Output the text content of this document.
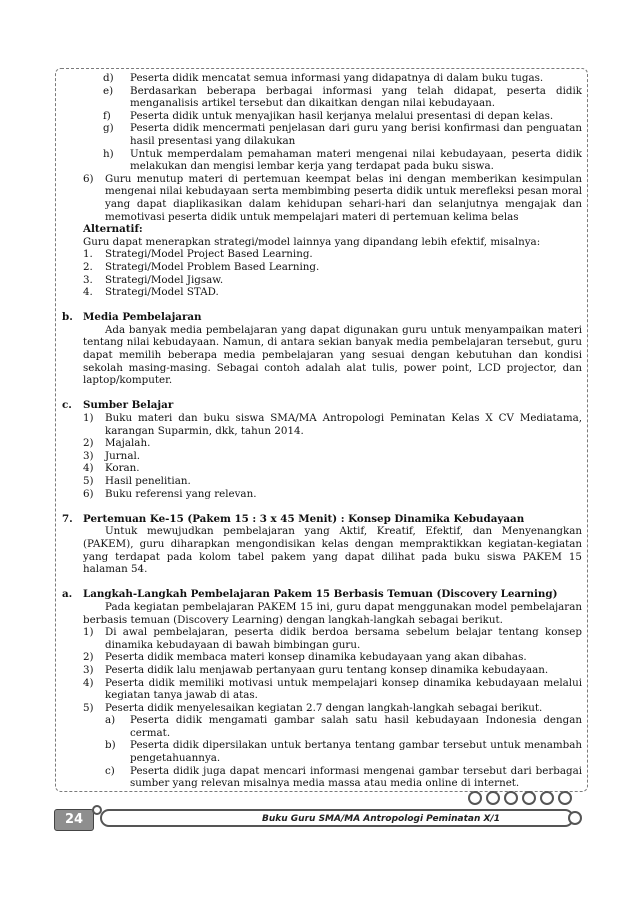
d) Peserta didik mencatat semua informasi yang didapatnya di dalam buku tugas.
e) Berdasarkan beberapa berbagai informasi yang telah didapat, peserta didik menganalisis artikel tersebut dan dikaitkan dengan nilai kebudayaan.
f) Peserta didik untuk menyajikan hasil kerjanya melalui presentasi di depan kelas.
g) Peserta didik mencermati penjelasan dari guru yang berisi konfirmasi dan penguatan hasil presentasi yang dilakukan
h) Untuk memperdalam pemahaman materi mengenai nilai kebudayaan, peserta didik melakukan dan mengisi lembar kerja yang terdapat pada buku siswa.
6) Guru menutup materi di pertemuan keempat belas ini dengan memberikan kesimpulan mengenai nilai kebudayaan serta membimbing peserta didik untuk merefleksi pesan moral yang dapat diaplikasikan dalam kehidupan sehari-hari dan selanjutnya mengajak dan memotivasi peserta didik untuk mempelajari materi di pertemuan kelima belas
Alternatif:
Guru dapat menerapkan strategi/model lainnya yang dipandang lebih efektif, misalnya:
1. Strategi/Model Project Based Learning.
2. Strategi/Model Problem Based Learning.
3. Strategi/Model Jigsaw.
4. Strategi/Model STAD.
b. Media Pembelajaran
Ada banyak media pembelajaran yang dapat digunakan guru untuk menyampaikan materi tentang nilai kebudayaan. Namun, di antara sekian banyak media pembelajaran tersebut, guru dapat memilih beberapa media pembelajaran yang sesuai dengan kebutuhan dan kondisi sekolah masing-masing. Sebagai contoh adalah alat tulis, power point, LCD projector, dan laptop/komputer.
c. Sumber Belajar
1) Buku materi dan buku siswa SMA/MA Antropologi Peminatan Kelas X CV Mediatama, karangan Suparmin, dkk, tahun 2014.
2) Majalah.
3) Jurnal.
4) Koran.
5) Hasil penelitian.
6) Buku referensi yang relevan.
7. Pertemuan Ke-15 (Pakem 15 : 3 x 45 Menit) : Konsep Dinamika Kebudayaan
Untuk mewujudkan pembelajaran yang Aktif, Kreatif, Efektif, dan Menyenangkan (PAKEM), guru diharapkan mengondisikan kelas dengan mempraktikkan kegiatan-kegiatan yang terdapat pada kolom tabel pakem yang dapat dilihat pada buku siswa PAKEM 15 halaman 54.
a. Langkah-Langkah Pembelajaran Pakem 15 Berbasis Temuan (Discovery Learning)
Pada kegiatan pembelajaran PAKEM 15 ini, guru dapat menggunakan model pembelajaran berbasis temuan (Discovery Learning) dengan langkah-langkah sebagai berikut.
1) Di awal pembelajaran, peserta didik berdoa bersama sebelum belajar tentang konsep dinamika kebudayaan di bawah bimbingan guru.
2) Peserta didik membaca materi konsep dinamika kebudayaan yang akan dibahas.
3) Peserta didik lalu menjawab pertanyaan guru tentang konsep dinamika kebudayaan.
4) Peserta didik memiliki motivasi untuk mempelajari konsep dinamika kebudayaan melalui kegiatan tanya jawab di atas.
5) Peserta didik menyelesaikan kegiatan 2.7 dengan langkah-langkah sebagai berikut.
a) Peserta didik mengamati gambar salah satu hasil kebudayaan Indonesia dengan cermat.
b) Peserta didik dipersilakan untuk bertanya tentang gambar tersebut untuk menambah pengetahuannya.
c) Peserta didik juga dapat mencari informasi mengenai gambar tersebut dari berbagai sumber yang relevan misalnya media massa atau media online di internet.
24	Buku Guru SMA/MA Antropologi Peminatan X/1
